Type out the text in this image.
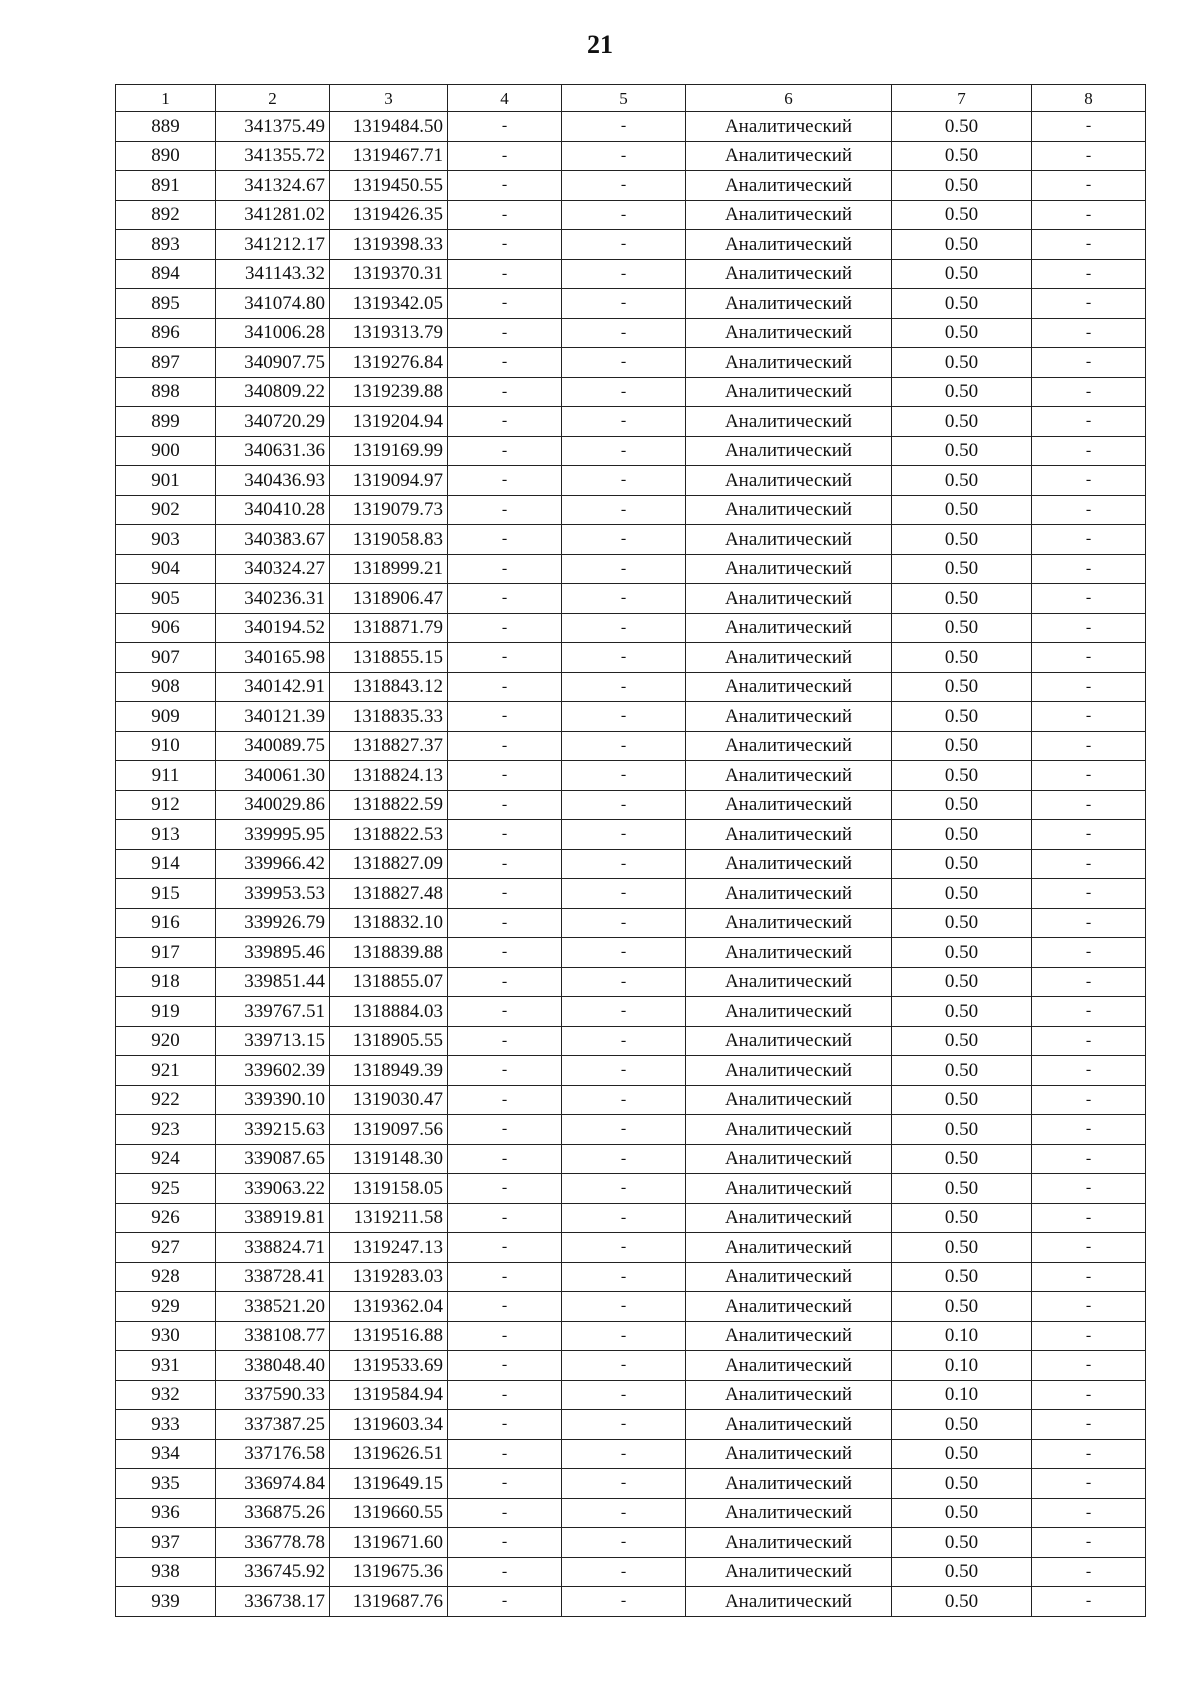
21
1	2	3	4	5	6	7	8
889	341375.49	1319484.50	-	-	Аналитический	0.50	-
890	341355.72	1319467.71	-	-	Аналитический	0.50	-
891	341324.67	1319450.55	-	-	Аналитический	0.50	-
892	341281.02	1319426.35	-	-	Аналитический	0.50	-
893	341212.17	1319398.33	-	-	Аналитический	0.50	-
894	341143.32	1319370.31	-	-	Аналитический	0.50	-
895	341074.80	1319342.05	-	-	Аналитический	0.50	-
896	341006.28	1319313.79	-	-	Аналитический	0.50	-
897	340907.75	1319276.84	-	-	Аналитический	0.50	-
898	340809.22	1319239.88	-	-	Аналитический	0.50	-
899	340720.29	1319204.94	-	-	Аналитический	0.50	-
900	340631.36	1319169.99	-	-	Аналитический	0.50	-
901	340436.93	1319094.97	-	-	Аналитический	0.50	-
902	340410.28	1319079.73	-	-	Аналитический	0.50	-
903	340383.67	1319058.83	-	-	Аналитический	0.50	-
904	340324.27	1318999.21	-	-	Аналитический	0.50	-
905	340236.31	1318906.47	-	-	Аналитический	0.50	-
906	340194.52	1318871.79	-	-	Аналитический	0.50	-
907	340165.98	1318855.15	-	-	Аналитический	0.50	-
908	340142.91	1318843.12	-	-	Аналитический	0.50	-
909	340121.39	1318835.33	-	-	Аналитический	0.50	-
910	340089.75	1318827.37	-	-	Аналитический	0.50	-
911	340061.30	1318824.13	-	-	Аналитический	0.50	-
912	340029.86	1318822.59	-	-	Аналитический	0.50	-
913	339995.95	1318822.53	-	-	Аналитический	0.50	-
914	339966.42	1318827.09	-	-	Аналитический	0.50	-
915	339953.53	1318827.48	-	-	Аналитический	0.50	-
916	339926.79	1318832.10	-	-	Аналитический	0.50	-
917	339895.46	1318839.88	-	-	Аналитический	0.50	-
918	339851.44	1318855.07	-	-	Аналитический	0.50	-
919	339767.51	1318884.03	-	-	Аналитический	0.50	-
920	339713.15	1318905.55	-	-	Аналитический	0.50	-
921	339602.39	1318949.39	-	-	Аналитический	0.50	-
922	339390.10	1319030.47	-	-	Аналитический	0.50	-
923	339215.63	1319097.56	-	-	Аналитический	0.50	-
924	339087.65	1319148.30	-	-	Аналитический	0.50	-
925	339063.22	1319158.05	-	-	Аналитический	0.50	-
926	338919.81	1319211.58	-	-	Аналитический	0.50	-
927	338824.71	1319247.13	-	-	Аналитический	0.50	-
928	338728.41	1319283.03	-	-	Аналитический	0.50	-
929	338521.20	1319362.04	-	-	Аналитический	0.50	-
930	338108.77	1319516.88	-	-	Аналитический	0.10	-
931	338048.40	1319533.69	-	-	Аналитический	0.10	-
932	337590.33	1319584.94	-	-	Аналитический	0.10	-
933	337387.25	1319603.34	-	-	Аналитический	0.50	-
934	337176.58	1319626.51	-	-	Аналитический	0.50	-
935	336974.84	1319649.15	-	-	Аналитический	0.50	-
936	336875.26	1319660.55	-	-	Аналитический	0.50	-
937	336778.78	1319671.60	-	-	Аналитический	0.50	-
938	336745.92	1319675.36	-	-	Аналитический	0.50	-
939	336738.17	1319687.76	-	-	Аналитический	0.50	-
